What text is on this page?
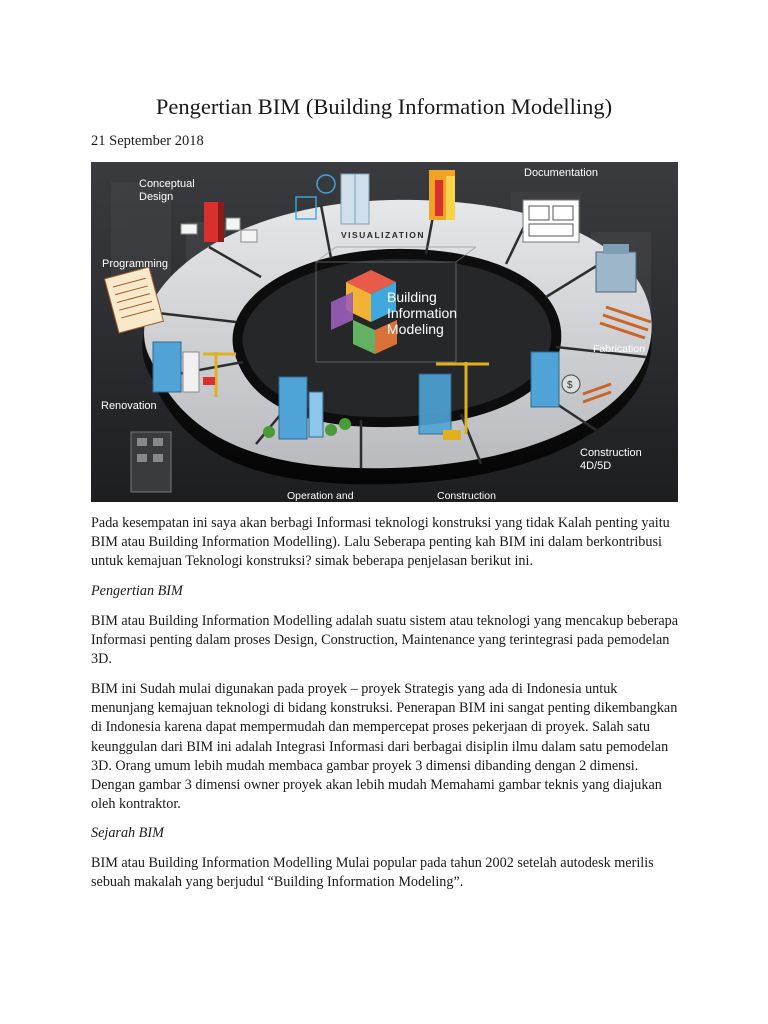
Pengertian BIM (Building Information Modelling)
21 September 2018
VISUALIZATION
Building
Information
Modeling
$
Conceptual
Design
Documentation
Programming
Fabrication
Renovation
Construction
4D/5D
Operation and	Construction

Pada kesempatan ini saya akan berbagi Informasi teknologi konstruksi yang tidak Kalah penting yaitu BIM atau Building Information Modelling). Lalu Seberapa penting kah BIM ini dalam berkontribusi untuk kemajuan Teknologi konstruksi? simak beberapa penjelasan berikut ini.

Pengertian BIM

BIM atau Building Information Modelling adalah suatu sistem atau teknologi yang mencakup beberapa Informasi penting dalam proses Design, Construction, Maintenance yang terintegrasi pada pemodelan 3D.

BIM ini Sudah mulai digunakan pada proyek – proyek Strategis yang ada di Indonesia untuk menunjang kemajuan teknologi di bidang konstruksi. Penerapan BIM ini sangat penting dikembangkan di Indonesia karena dapat mempermudah dan mempercepat proses pekerjaan di proyek. Salah satu keunggulan dari BIM ini adalah Integrasi Informasi dari berbagai disiplin ilmu dalam satu pemodelan 3D. Orang umum lebih mudah membaca gambar proyek 3 dimensi dibanding dengan 2 dimensi. Dengan gambar 3 dimensi owner proyek akan lebih mudah Memahami gambar teknis yang diajukan oleh kontraktor.

Sejarah BIM

BIM atau Building Information Modelling Mulai popular pada tahun 2002 setelah autodesk merilis sebuah makalah yang berjudul “Building Information Modeling”.
